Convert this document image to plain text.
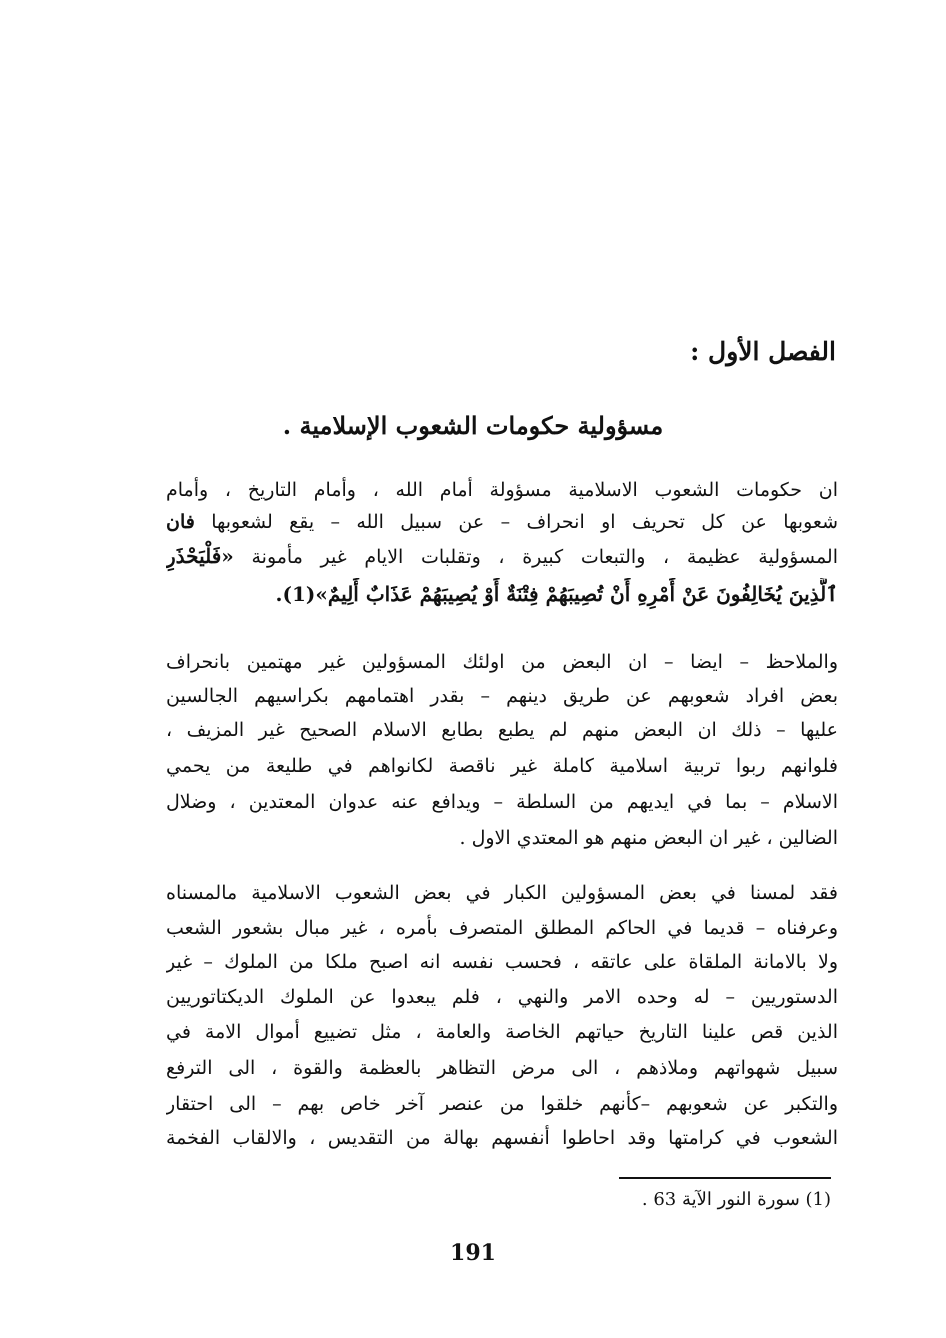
الفصل الأول :
مسؤولية حكومات الشعوب الإسلامية .
ان حكومات الشعوب الاسلامية مسؤولة أمام الله ، وأمام التاريخ ، وأمام
شعوبها عن كل تحريف او انحراف – عن سبيل الله – يقع لشعوبها فان
المسؤولية عظيمة ، والتبعات كبيرة ، وتقلبات الايام غير مأمونة «فَلْيَحْذَرِ
ٱلَّذِينَ يُخَالِفُونَ عَنْ أَمْرِهِ أَنْ تُصِيبَهُمْ فِتْنَةٌ أَوْ يُصِيبَهُمْ عَذَابٌ أَلِيمٌ»(1).
والملاحظ – ايضا – ان البعض من اولئك المسؤولين غير مهتمين بانحراف
بعض افراد شعوبهم عن طريق دينهم – بقدر اهتمامهم بكراسيهم الجالسين
عليها – ذلك ان البعض منهم لم يطبع بطابع الاسلام الصحيح غير المزيف ،
فلوانهم ربوا تربية اسلامية كاملة غير ناقصة لكانواهم في طليعة من يحمي
الاسلام – بما في ايديهم من السلطة – ويدافع عنه عدوان المعتدين ، وضلال
الضالين ، غير ان البعض منهم هو المعتدي الاول .
فقد لمسنا في بعض المسؤولين الكبار في بعض الشعوب الاسلامية مالمسناه
وعرفناه – قديما في الحاكم المطلق المتصرف بأمره ، غير مبال بشعور الشعب
ولا بالامانة الملقاة على عاتقه ، فحسب نفسه انه اصبح ملكا من الملوك – غير
الدستوريين – له وحده الامر والنهي ، فلم يبعدوا عن الملوك الديكتاتوريين
الذين قص علينا التاريخ حياتهم الخاصة والعامة ، مثل تضييع أموال الامة في
سبيل شهواتهم وملاذهم ، الى مرض التظاهر بالعظمة والقوة ، الى الترفع
والتكبر عن شعوبهم –كأنهم خلقوا من عنصر آخر خاص بهم – الى احتقار
الشعوب في كرامتها وقد احاطوا أنفسهم بهالة من التقديس ، والالقاب الفخمة
(1) سورة النور الآية 63 .
191
